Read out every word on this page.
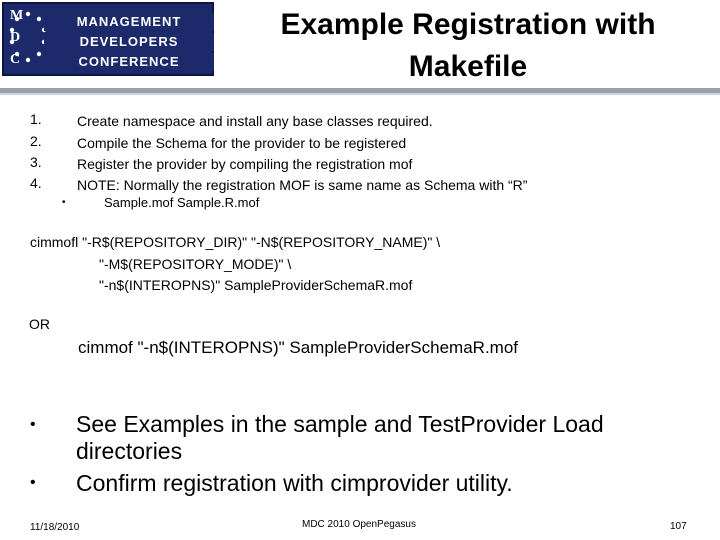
M
D
C
MANAGEMENT
DEVELOPERS
CONFERENCE
Example Registration with
Makefile
1.	Create namespace and install any base classes required.
2.	Compile the Schema for the provider to be registered
3.	Register the provider by compiling the registration mof
4.	NOTE: Normally the registration MOF is same name as Schema with “R”
•	Sample.mof Sample.R.mof
cimmofl "-R$(REPOSITORY_DIR)" "-N$(REPOSITORY_NAME)" \
"-M$(REPOSITORY_MODE)" \
"-n$(INTEROPNS)" SampleProviderSchemaR.mof
OR
cimmof "-n$(INTEROPNS)" SampleProviderSchemaR.mof
• See Examples in the sample and TestProvider Load directories
• Confirm registration with cimprovider utility.
11/18/2010	MDC 2010 OpenPegasus	107
